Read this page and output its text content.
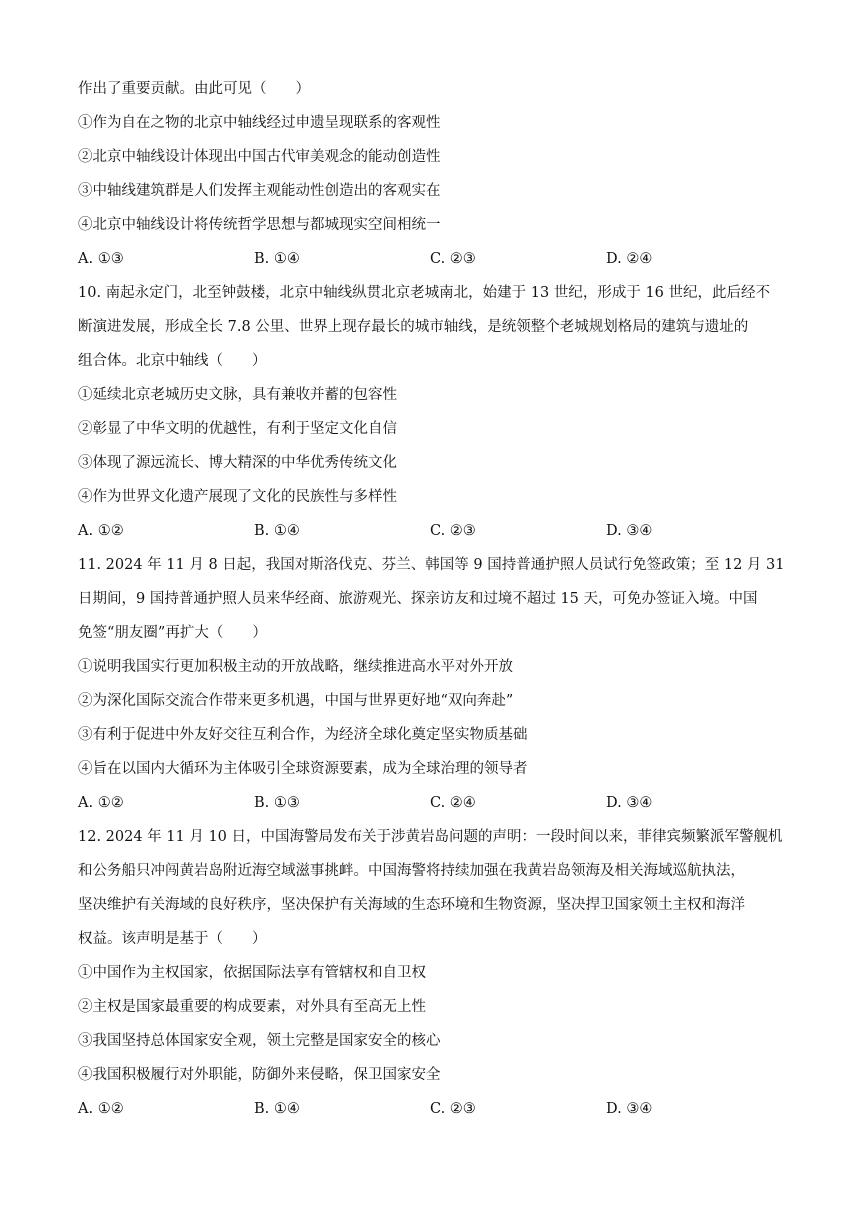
作出了重要贡献。由此可见（　　）
①作为自在之物的北京中轴线经过申遗呈现联系的客观性
②北京中轴线设计体现出中国古代审美观念的能动创造性
③中轴线建筑群是人们发挥主观能动性创造出的客观实在
④北京中轴线设计将传统哲学思想与都城现实空间相统一
A. ①③	B. ①④	C. ②③	D. ②④
10. 南起永定门，北至钟鼓楼，北京中轴线纵贯北京老城南北，始建于 13 世纪，形成于 16 世纪，此后经不
断演进发展，形成全长 7.8 公里、世界上现存最长的城市轴线，是统领整个老城规划格局的建筑与遗址的
组合体。北京中轴线（　　）
①延续北京老城历史文脉，具有兼收并蓄的包容性
②彰显了中华文明的优越性，有利于坚定文化自信
③体现了源远流长、博大精深的中华优秀传统文化
④作为世界文化遗产展现了文化的民族性与多样性
A. ①②	B. ①④	C. ②③	D. ③④
11. 2024 年 11 月 8 日起，我国对斯洛伐克、芬兰、韩国等 9 国持普通护照人员试行免签政策；至 12 月 31
日期间，9 国持普通护照人员来华经商、旅游观光、探亲访友和过境不超过 15 天，可免办签证入境。中国
免签“朋友圈”再扩大（　　）
①说明我国实行更加积极主动的开放战略，继续推进高水平对外开放
②为深化国际交流合作带来更多机遇，中国与世界更好地“双向奔赴”
③有利于促进中外友好交往互利合作，为经济全球化奠定坚实物质基础
④旨在以国内大循环为主体吸引全球资源要素，成为全球治理的领导者
A. ①②	B. ①③	C. ②④	D. ③④
12. 2024 年 11 月 10 日，中国海警局发布关于涉黄岩岛问题的声明：一段时间以来，菲律宾频繁派军警舰机
和公务船只冲闯黄岩岛附近海空域滋事挑衅。中国海警将持续加强在我黄岩岛领海及相关海域巡航执法，
坚决维护有关海域的良好秩序，坚决保护有关海域的生态环境和生物资源，坚决捍卫国家领土主权和海洋
权益。该声明是基于（　　）
①中国作为主权国家，依据国际法享有管辖权和自卫权
②主权是国家最重要的构成要素，对外具有至高无上性
③我国坚持总体国家安全观，领土完整是国家安全的核心
④我国积极履行对外职能，防御外来侵略，保卫国家安全
A. ①②	B. ①④	C. ②③	D. ③④
